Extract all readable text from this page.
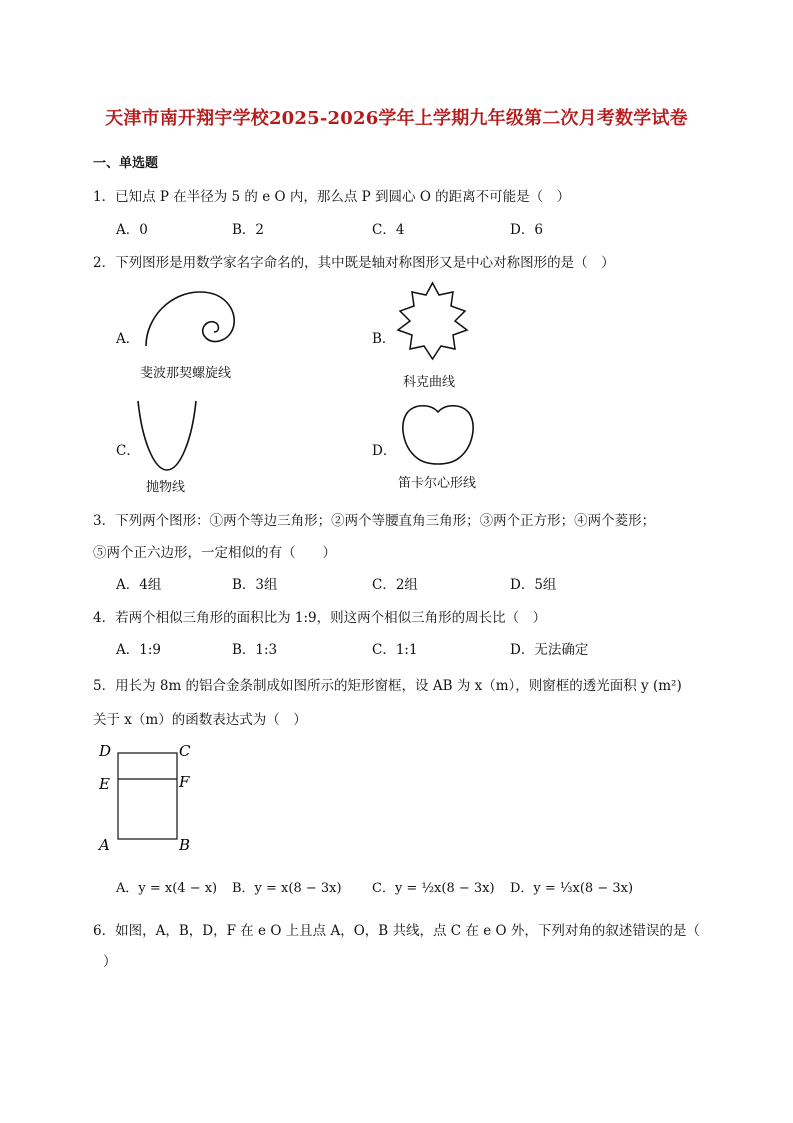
天津市南开翔宇学校2025-2026学年上学期九年级第二次月考数学试卷
一、单选题
1．已知点 P 在半径为 5 的 e O 内，那么点 P 到圆心 O 的距离不可能是（　）
A．0	B．2	C．4	D．6
2．下列图形是用数学家名字命名的，其中既是轴对称图形又是中心对称图形的是（　）
A．
斐波那契螺旋线
B．
科克曲线
C．
抛物线
D．
笛卡尔心形线
3．下列两个图形：①两个等边三角形；②两个等腰直角三角形；③两个正方形；④两个菱形；
⑤两个正六边形，一定相似的有（　　）
A．4组	B．3组	C．2组	D．5组
4．若两个相似三角形的面积比为 1:9，则这两个相似三角形的周长比（　）
A．1:9	B．1:3	C．1:1	D．无法确定
5．用长为 8m 的铝合金条制成如图所示的矩形窗框，设 AB 为 x（m），则窗框的透光面积 y (m²)
关于 x（m）的函数表达式为（　）
D	C
E	F
A	B
A．y = x(4 − x) B．y = x(8 − 3x) C．y = ½x(8 − 3x) D．y = ⅓x(8 − 3x)
6．如图，A，B，D，F 在 e O 上且点 A，O，B 共线，点 C 在 e O 外，下列对角的叙述错误的是（
）
